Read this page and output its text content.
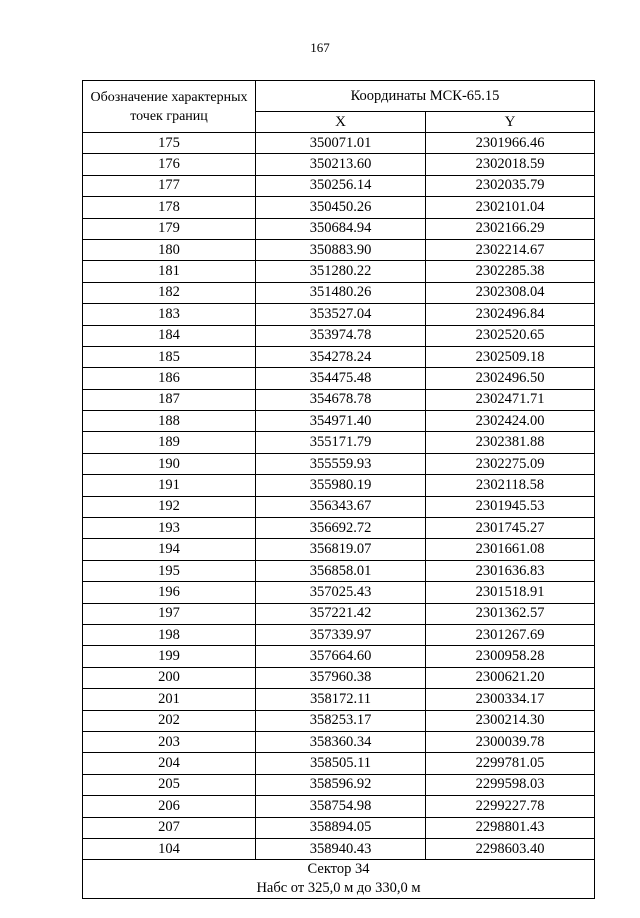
167
Обозначение характерных точек границ	Координаты МСК-65.15	
	X	Y
175	350071.01	2301966.46
176	350213.60	2302018.59
177	350256.14	2302035.79
178	350450.26	2302101.04
179	350684.94	2302166.29
180	350883.90	2302214.67
181	351280.22	2302285.38
182	351480.26	2302308.04
183	353527.04	2302496.84
184	353974.78	2302520.65
185	354278.24	2302509.18
186	354475.48	2302496.50
187	354678.78	2302471.71
188	354971.40	2302424.00
189	355171.79	2302381.88
190	355559.93	2302275.09
191	355980.19	2302118.58
192	356343.67	2301945.53
193	356692.72	2301745.27
194	356819.07	2301661.08
195	356858.01	2301636.83
196	357025.43	2301518.91
197	357221.42	2301362.57
198	357339.97	2301267.69
199	357664.60	2300958.28
200	357960.38	2300621.20
201	358172.11	2300334.17
202	358253.17	2300214.30
203	358360.34	2300039.78
204	358505.11	2299781.05
205	358596.92	2299598.03
206	358754.98	2299227.78
207	358894.05	2298801.43
104	358940.43	2298603.40

Сектор 34
Набс от 325,0 м до 330,0 м		
